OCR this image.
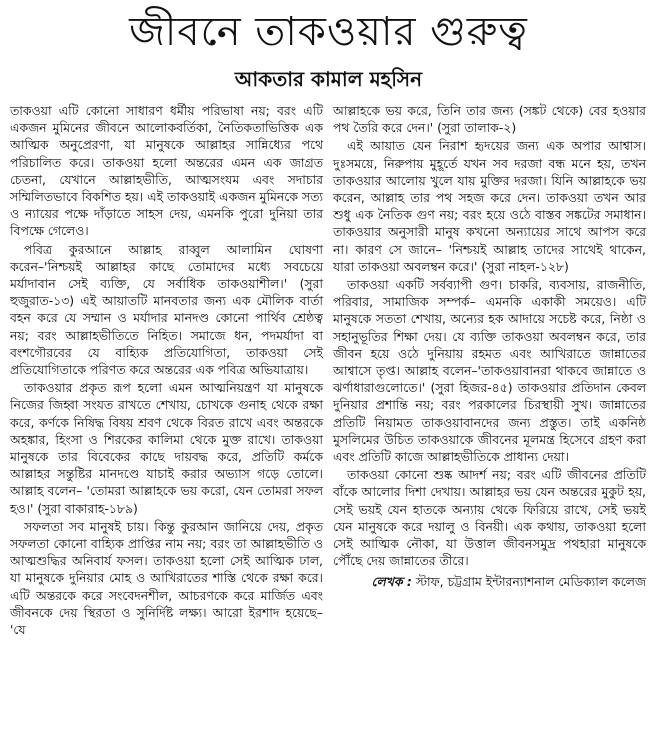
জীবনে তাকওয়ার গুরুত্ব
আকতার কামাল মহসিন

তাকওয়া এটি কোনো সাধারণ ধর্মীয় পরিভাষা নয়; বরং এটি একজন মুমিনের জীবনে আলোকবর্তিকা, নৈতিকতাভিত্তিক এক আত্মিক অনুপ্রেরণা, যা মানুষকে আল্লাহর সান্নিধ্যের পথে পরিচালিত করে। তাকওয়া হলো অন্তরের এমন এক জাগ্রত চেতনা, যেখানে আল্লাহভীতি, আত্মসংযম এবং সদাচার সম্মিলিতভাবে বিকশিত হয়। এই তাকওয়াই একজন মুমিনকে সত্য ও ন্যায়ের পক্ষে দাঁড়াতে সাহস দেয়, এমনকি পুরো দুনিয়া তার বিপক্ষে গেলেও।

পবিত্র কুরআনে আল্লাহ রাব্বুল আলামিন ঘোষণা করেন–'নিশ্চয়ই আল্লাহর কাছে তোমাদের মধ্যে সবচেয়ে মর্যাদাবান সেই ব্যক্তি, যে সর্বাধিক তাকওয়াশীল।' (সুরা হুজুরাত-১৩) এই আয়াতটি মানবতার জন্য এক মৌলিক বার্তা বহন করে যে সম্মান ও মর্যাদার মানদণ্ড কোনো পার্থিব শ্রেষ্ঠত্ব নয়; বরং আল্লাহভীতিতে নিহিত। সমাজে ধন, পদমর্যাদা বা বংশগৌরবের যে বাহ্যিক প্রতিযোগিতা, তাকওয়া সেই প্রতিযোগিতাকে পরিণত করে অন্তরের এক পবিত্র অভিযাত্রায়।

তাকওয়ার প্রকৃত রূপ হলো এমন আত্মনিয়ন্ত্রণ যা মানুষকে নিজের জিহ্বা সংযত রাখতে শেখায়, চোখকে গুনাহ থেকে রক্ষা করে, কর্ণকে নিষিদ্ধ বিষয় শ্রবণ থেকে বিরত রাখে এবং অন্তরকে অহঙ্কার, হিংসা ও শিরকের কালিমা থেকে মুক্ত রাখে। তাকওয়া মানুষকে তার বিবেকের কাছে দায়বদ্ধ করে, প্রতিটি কর্মকে আল্লাহর সন্তুষ্টির মানদণ্ডে যাচাই করার অভ্যাস গড়ে তোলে। আল্লাহ বলেন– 'তোমরা আল্লাহকে ভয় করো, যেন তোমরা সফল হও।' (সুরা বাকারাহ-১৮৯)

সফলতা সব মানুষই চায়। কিন্তু কুরআন জানিয়ে দেয়, প্রকৃত সফলতা কোনো বাহ্যিক প্রাপ্তির নাম নয়; বরং তা আল্লাহভীতি ও আত্মশুদ্ধির অনিবার্য ফসল। তাকওয়া হলো সেই আত্মিক ঢাল, যা মানুষকে দুনিয়ার মোহ ও আখিরাতের শাস্তি থেকে রক্ষা করে। এটি অন্তরকে করে সংবেদনশীল, আচরণকে করে মার্জিত এবং জীবনকে দেয় স্থিরতা ও সুনির্দিষ্ট লক্ষ্য। আরো ইরশাদ হয়েছে– 'যে

আল্লাহকে ভয় করে, তিনি তার জন্য (সঙ্কট থেকে) বের হওয়ার পথ তৈরি করে দেন।' (সুরা তালাক-২)

এই আয়াত যেন নিরাশ হৃদয়ের জন্য এক অপার আশ্বাস। দুঃসময়ে, নিরুপায় মুহূর্তে যখন সব দরজা বন্ধ মনে হয়, তখন তাকওয়ার আলোয় খুলে যায় মুক্তির দরজা। যিনি আল্লাহকে ভয় করেন, আল্লাহ তার পথ সহজ করে দেন। তাকওয়া তখন আর শুধু এক নৈতিক গুণ নয়; বরং হয়ে ওঠে বাস্তব সঙ্কটের সমাধান। তাকওয়ার অনুসারী মানুষ কখনো অন্যায়ের সাথে আপস করে না। কারণ সে জানে– 'নিশ্চয়ই আল্লাহ তাদের সাথেই থাকেন, যারা তাকওয়া অবলম্বন করে।' (সুরা নাহল-১২৮)

তাকওয়া একটি সর্বব্যাপী গুণ। চাকরি, ব্যবসায়, রাজনীতি, পরিবার, সামাজিক সম্পর্ক– এমনকি একাকী সময়েও। এটি মানুষকে সততা শেখায়, অন্যের হক আদায়ে সচেষ্ট করে, নিষ্ঠা ও সহানুভূতির শিক্ষা দেয়। যে ব্যক্তি তাকওয়া অবলম্বন করে, তার জীবন হয়ে ওঠে দুনিয়ায় রহমত এবং আখিরাতে জান্নাতের আশ্বাসে তৃপ্ত। আল্লাহ বলেন–'তাকওয়াবানরা থাকবে জান্নাতে ও ঝর্ণাধারাগুলোতে।' (সুরা হিজর-৪৫) তাকওয়ার প্রতিদান কেবল দুনিয়ার প্রশান্তি নয়; বরং পরকালের চিরস্থায়ী সুখ। জান্নাতের প্রতিটি নিয়ামত তাকওয়াবানদের জন্য প্রস্তুত। তাই একনিষ্ঠ মুসলিমের উচিত তাকওয়াকে জীবনের মূলমন্ত্র হিসেবে গ্রহণ করা এবং প্রতিটি কাজে আল্লাহভীতিকে প্রাধান্য দেয়া।

তাকওয়া কোনো শুষ্ক আদর্শ নয়; বরং এটি জীবনের প্রতিটি বাঁকে আলোর দিশা দেখায়। আল্লাহর ভয় যেন অন্তরের মুকুট হয়, সেই ভয়ই যেন হাতকে অন্যায় থেকে ফিরিয়ে রাখে, সেই ভয়ই যেন মানুষকে করে দয়ালু ও বিনয়ী। এক কথায়, তাকওয়া হলো সেই আত্মিক নৌকা, যা উত্তাল জীবনসমুদ্র পথহারা মানুষকে পৌঁছে দেয় জান্নাতের তীরে।

লেখক : স্টাফ, চট্টগ্রাম ইন্টারন্যাশনাল মেডিক্যাল কলেজ
